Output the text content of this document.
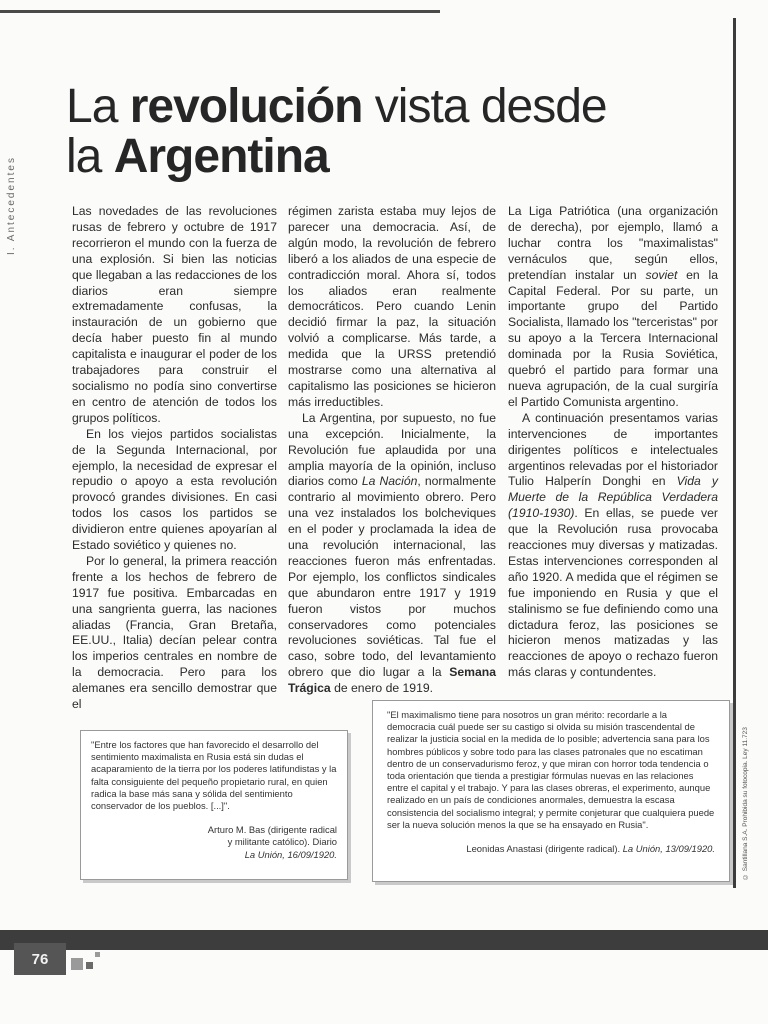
I. Antecedentes
La revolución vista desde
la Argentina

Las novedades de las revoluciones rusas de febrero y octubre de 1917 recorrieron el mundo con la fuerza de una explosión. Si bien las noticias que llegaban a las redacciones de los diarios eran siempre extremadamente confusas, la instauración de un gobierno que decía haber puesto fin al mundo capitalista e inaugurar el poder de los trabajadores para construir el socialismo no podía sino convertirse en centro de atención de todos los grupos políticos.

En los viejos partidos socialistas de la Segunda Internacional, por ejemplo, la necesidad de expresar el repudio o apoyo a esta revolución provocó grandes divisiones. En casi todos los casos los partidos se dividieron entre quienes apoyarían al Estado soviético y quienes no.

Por lo general, la primera reacción frente a los hechos de febrero de 1917 fue positiva. Embarcadas en una sangrienta guerra, las naciones aliadas (Francia, Gran Bretaña, EE.UU., Italia) decían pelear contra los imperios centrales en nombre de la democracia. Pero para los alemanes era sencillo demostrar que el

régimen zarista estaba muy lejos de parecer una democracia. Así, de algún modo, la revolución de febrero liberó a los aliados de una especie de contradicción moral. Ahora sí, todos los aliados eran realmente democráticos. Pero cuando Lenin decidió firmar la paz, la situación volvió a complicarse. Más tarde, a medida que la URSS pretendió mostrarse como una alternativa al capitalismo las posiciones se hicieron más irreductibles.

La Argentina, por supuesto, no fue una excepción. Inicialmente, la Revolución fue aplaudida por una amplia mayoría de la opinión, incluso diarios como La Nación, normalmente contrario al movimiento obrero. Pero una vez instalados los bolcheviques en el poder y proclamada la idea de una revolución internacional, las reacciones fueron más enfrentadas. Por ejemplo, los conflictos sindicales que abundaron entre 1917 y 1919 fueron vistos por muchos conservadores como potenciales revoluciones soviéticas. Tal fue el caso, sobre todo, del levantamiento obrero que dio lugar a la Semana Trágica de enero de 1919.

La Liga Patriótica (una organización de derecha), por ejemplo, llamó a luchar contra los "maximalistas" vernáculos que, según ellos, pretendían instalar un soviet en la Capital Federal. Por su parte, un importante grupo del Partido Socialista, llamado los "terceristas" por su apoyo a la Tercera Internacional dominada por la Rusia Soviética, quebró el partido para formar una nueva agrupación, de la cual surgiría el Partido Comunista argentino.

A continuación presentamos varias intervenciones de importantes dirigentes políticos e intelectuales argentinos relevadas por el historiador Tulio Halperín Donghi en Vida y Muerte de la República Verdadera (1910-1930). En ellas, se puede ver que la Revolución rusa provocaba reacciones muy diversas y matizadas. Estas intervenciones corresponden al año 1920. A medida que el régimen se fue imponiendo en Rusia y que el stalinismo se fue definiendo como una dictadura feroz, las posiciones se hicieron menos matizadas y las reacciones de apoyo o rechazo fueron más claras y contundentes.

"Entre los factores que han favorecido el desarrollo del sentimiento maximalista en Rusia está sin dudas el acaparamiento de la tierra por los poderes latifundistas y la falta consiguiente del pequeño propietario rural, en quien radica la base más sana y sólida del sentimiento conservador de los pueblos. [...]".

Arturo M. Bas (dirigente radical
y militante católico). Diario
La Unión, 16/09/1920.

"El maximalismo tiene para nosotros un gran mérito: recordarle a la democracia cuál puede ser su castigo si olvida su misión trascendental de realizar la justicia social en la medida de lo posible; advertencia sana para los hombres públicos y sobre todo para las clases patronales que no escatiman dentro de un conservadurismo feroz, y que miran con horror toda tendencia o toda orientación que tienda a prestigiar fórmulas nuevas en las relaciones entre el capital y el trabajo. Y para las clases obreras, el experimento, aunque realizado en un país de condiciones anormales, demuestra la escasa consistencia del socialismo integral; y permite conjeturar que cualquiera puede ser la nueva solución menos la que se ha ensayado en Rusia".

Leonidas Anastasi (dirigente radical). La Unión, 13/09/1920.	© Santillana S.A. Prohibida su fotocopia. Ley 11.723
76
